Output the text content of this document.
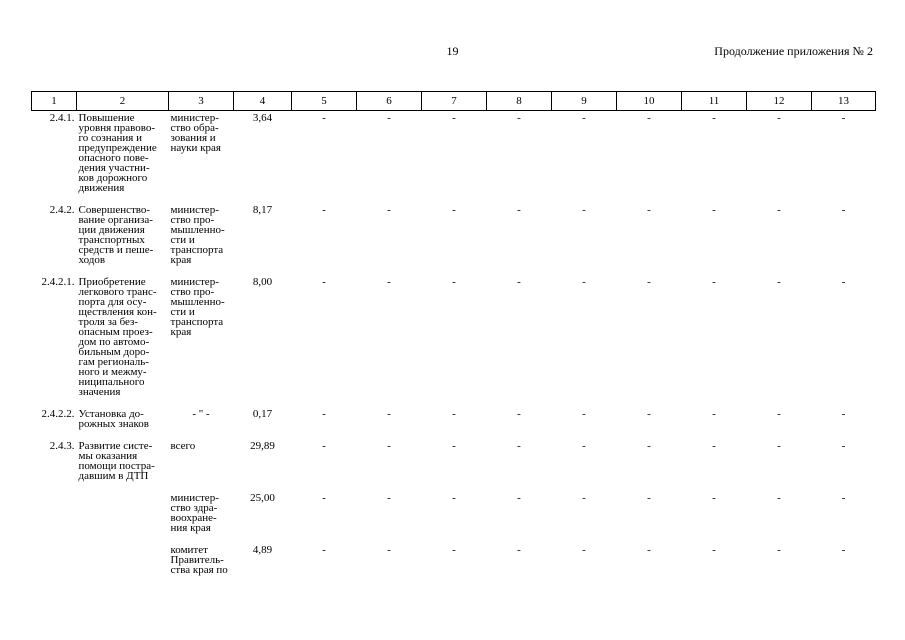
19	Продолжение приложения № 2
1	2	3	4	5	6	7	8	9	10	11	12	13
2.4.1.	Повышение уровня правово- го сознания и предупреждение опасного пове- дения участни- ков дорожного движения	министер- ство обра- зования и науки края	3,64	-	-	-	-	-	-	-	-	-
2.4.2.	Совершенство- вание организа- ции движения транспортных средств и пеше- ходов	министер- ство про- мышленно- сти и транспорта края	8,17	-	-	-	-	-	-	-	-	-
2.4.2.1.	Приобретение легкового транс- порта для осу- ществления кон- троля за без- опасным проез- дом по автомо- бильным доро- гам региональ- ного и межму- ниципального значения	министер- ство про- мышленно- сти и транспорта края	8,00	-	-	-	-	-	-	-	-	-
2.4.2.2.	Установка до- рожных знаков	- " -	0,17	-	-	-	-	-	-	-	-	-
2.4.3.	Развитие систе- мы оказания помощи постра- давшим в ДТП	всего	29,89	-	-	-	-	-	-	-	-	-
		министер- ство здра- воохране- ния края	25,00	-	-	-	-	-	-	-	-	-
		комитет Правитель- ства края по	4,89	-	-	-	-	-	-	-	-	-
